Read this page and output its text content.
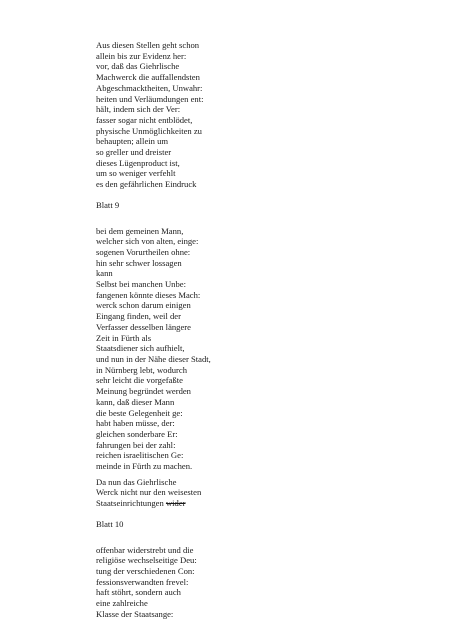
Aus diesen Stellen geht schon
allein bis zur Evidenz her:
vor, daß das Giehrlische
Machwerck die auffallendsten
Abgeschmacktheiten, Unwahr:
heiten und Verläumdungen ent:
hält, indem sich der Ver:
fasser sogar nicht entblödet,
physische Unmöglichkeiten zu
behaupten; allein um
so greller und dreister
dieses Lügenproduct ist,
um so weniger verfehlt
es den gefährlichen Eindruck
Blatt 9
bei dem gemeinen Mann,
welcher sich von alten, einge:
sogenen Vorurtheilen ohne:
hin sehr schwer lossagen
kann
Selbst bei manchen Unbe:
fangenen könnte dieses Mach:
werck schon darum einigen
Eingang finden, weil der
Verfasser desselben längere
Zeit in Fürth als
Staatsdiener sich aufhielt,
und nun in der Nähe dieser Stadt,
in Nürnberg lebt, wodurch
sehr leicht die vorgefaßte
Meinung begründet werden
kann, daß dieser Mann
die beste Gelegenheit ge:
habt haben müsse, der:
gleichen sonderbare Er:
fahrungen bei der zahl:
reichen israelitischen Ge:
meinde in Fürth zu machen.
Da nun das Giehrlische
Werck nicht nur den weisesten
Staatseinrichtungen wider
Blatt 10
offenbar widerstrebt und die
religiöse wechselseitige Deu:
tung der verschiedenen Con:
fessionsverwandten frevel:
haft stöhrt, sondern auch
eine zahlreiche
Klasse der Staatsange:
